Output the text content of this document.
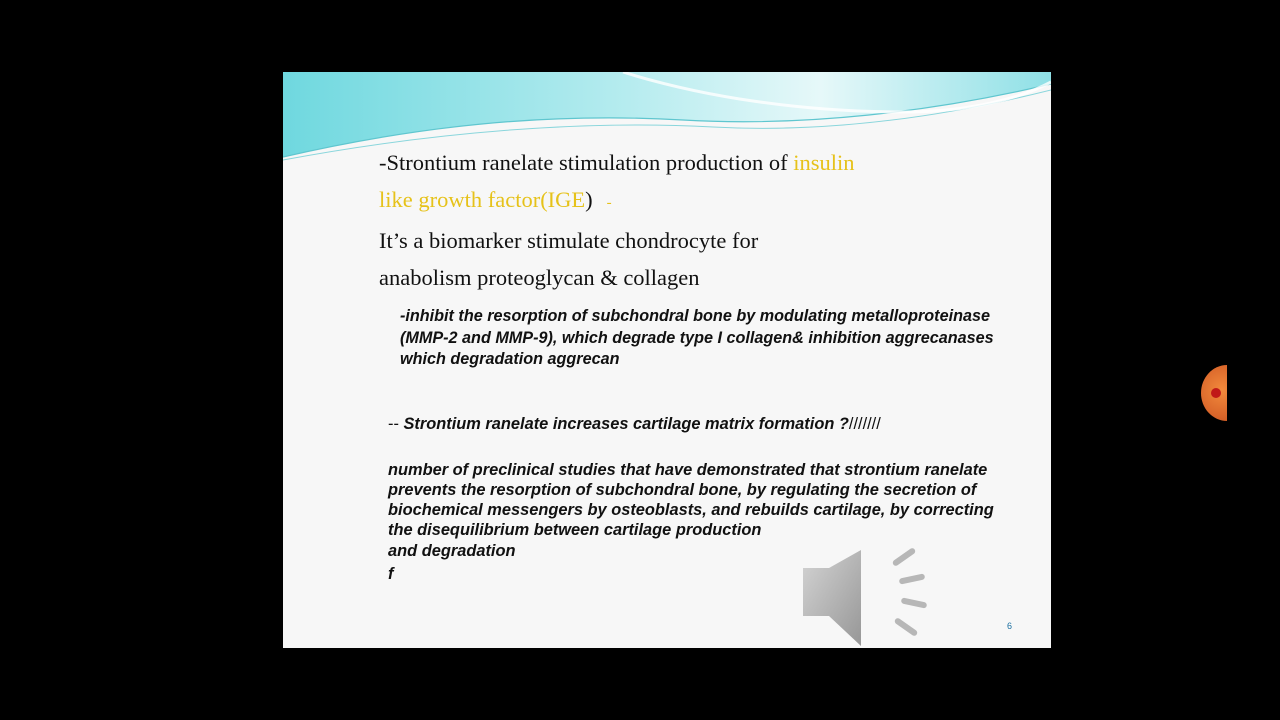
-Strontium ranelate stimulation production of insulin
like growth factor(IGE) -
It’s a biomarker stimulate chondrocyte for
anabolism proteoglycan & collagen
-inhibit the resorption of subchondral bone by modulating metalloproteinase (MMP-2 and MMP-9), which degrade type I collagen& inhibition aggrecanases which degradation aggrecan
-- Strontium ranelate increases cartilage matrix formation ?///////

number of preclinical studies that have demonstrated that strontium ranelate prevents the resorption of subchondral bone, by regulating the secretion of biochemical messengers by osteoblasts, and rebuilds cartilage, by correcting the disequilibrium between cartilage production

and degradation

f

6
